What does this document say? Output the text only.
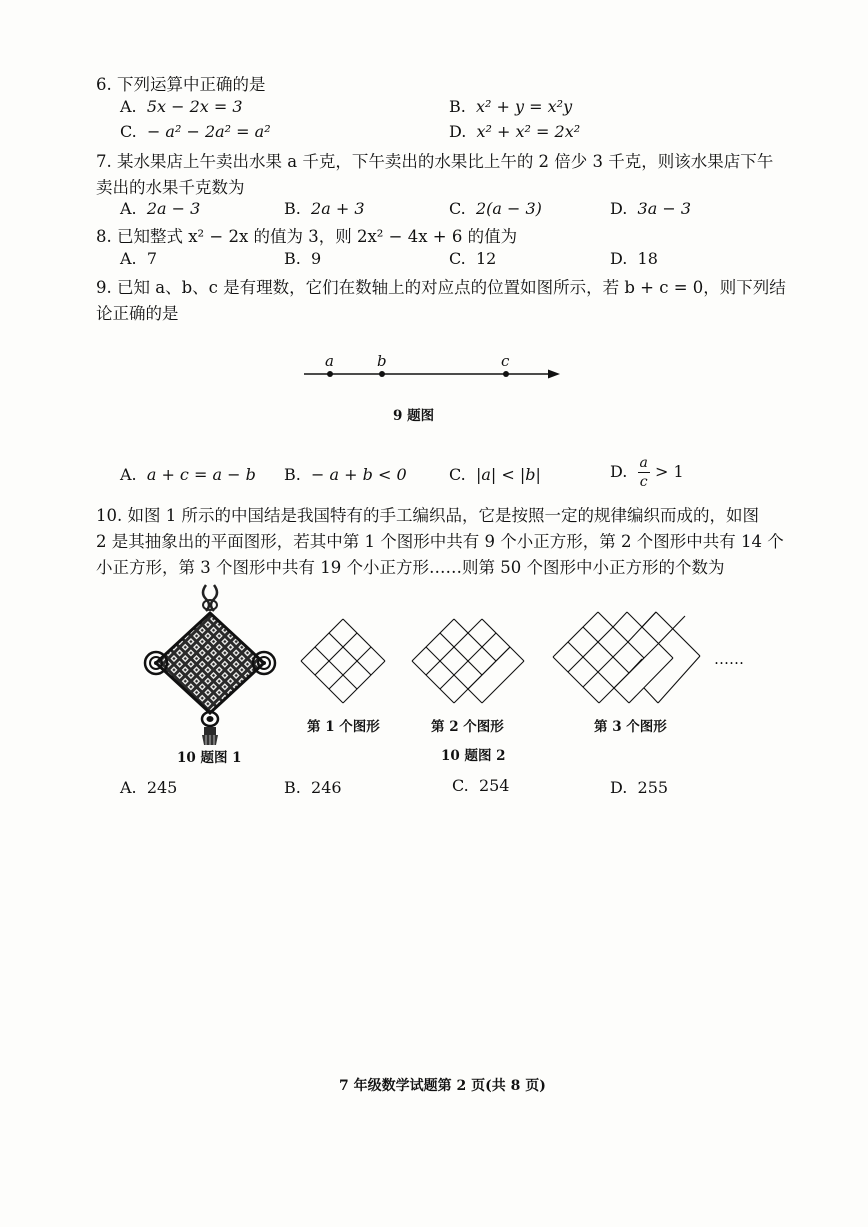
6. 下列运算中正确的是
A. 5x − 2x = 3	B. x² + y = x²y
C. − a² − 2a² = a²	D. x² + x² = 2x²
7. 某水果店上午卖出水果 a 千克，下午卖出的水果比上午的 2 倍少 3 千克，则该水果店下午
卖出的水果千克数为
A. 2a − 3	B. 2a + 3	C. 2(a − 3)	D. 3a − 3
8. 已知整式 x² − 2x 的值为 3，则 2x² − 4x + 6 的值为
A. 7	B. 9	C. 12	D. 18
9. 已知 a、b、c 是有理数，它们在数轴上的对应点的位置如图所示，若 b + c = 0，则下列结
论正确的是
a	b	c
9 题图
A. a + c = a − b B. − a + b < 0	C. |a| < |b|	D. $\frac{a}{c} > 1$
10. 如图 1 所示的中国结是我国特有的手工编织品，它是按照一定的规律编织而成的，如图
2 是其抽象出的平面图形，若其中第 1 个图形中共有 9 个小正方形，第 2 个图形中共有 14 个
小正方形，第 3 个图形中共有 19 个小正方形……则第 50 个图形中小正方形的个数为
10 题图 1
……
第 1 个图形	第 2 个图形	第 3 个图形
10 题图 2
A. 245	B. 246	C. 254	D. 255
7 年级数学试题第 2 页(共 8 页)
